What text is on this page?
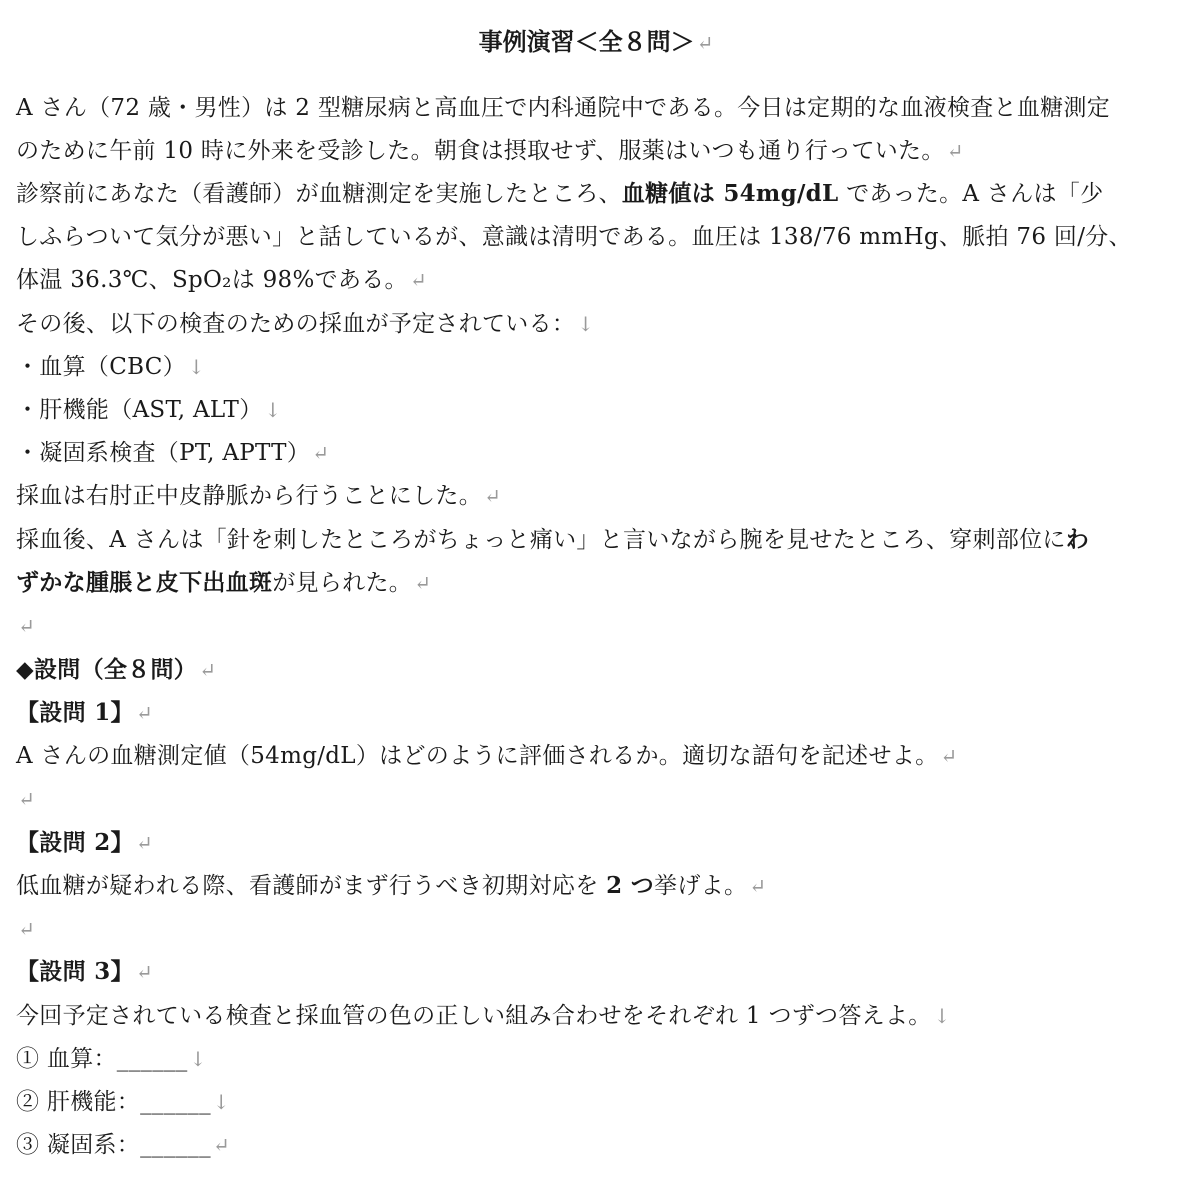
事例演習＜全８問＞ ↵
A さん（72 歳・男性）は 2 型糖尿病と高血圧で内科通院中である。今日は定期的な血液検査と血糖測定
のために午前 10 時に外来を受診した。朝食は摂取せず、服薬はいつも通り行っていた。 ↵
診察前にあなた（看護師）が血糖測定を実施したところ、血糖値は 54mg/dL であった。A さんは「少
しふらついて気分が悪い」と話しているが、意識は清明である。血圧は 138/76 mmHg、脈拍 76 回/分、
体温 36.3℃、SpO₂は 98%である。 ↵
その後、以下の検査のための採血が予定されている： ↓
・血算（CBC） ↓
・肝機能（AST, ALT） ↓
・凝固系検査（PT, APTT） ↵
採血は右肘正中皮静脈から行うことにした。 ↵
採血後、A さんは「針を刺したところがちょっと痛い」と言いながら腕を見せたところ、穿刺部位にわ
ずかな腫脹と皮下出血斑が見られた。 ↵
↵
◆設問（全８問） ↵
【設問 1】 ↵
A さんの血糖測定値（54mg/dL）はどのように評価されるか。適切な語句を記述せよ。 ↵
↵
【設問 2】 ↵
低血糖が疑われる際、看護師がまず行うべき初期対応を 2 つ挙げよ。 ↵
↵
【設問 3】 ↵
今回予定されている検査と採血管の色の正しい組み合わせをそれぞれ 1 つずつ答えよ。 ↓
① 血算：______ ↓
② 肝機能：______ ↓
③ 凝固系：______ ↵
